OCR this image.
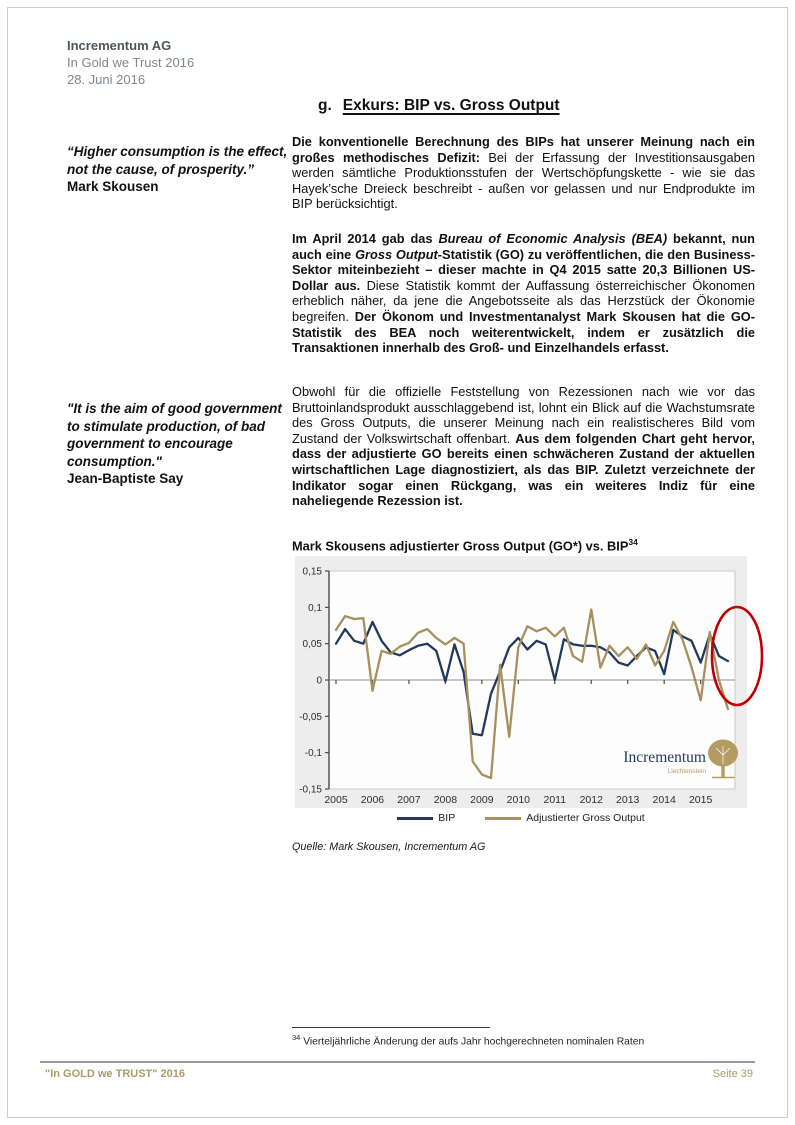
Incrementum AG
In Gold we Trust 2016
28. Juni 2016
g. Exkurs: BIP vs. Gross Output
“Higher consumption is the effect, not the cause, of prosperity.”
Mark Skousen
"It is the aim of good government to stimulate production, of bad government to encourage consumption."
Jean-Baptiste Say
Die konventionelle Berechnung des BIPs hat unserer Meinung nach ein großes methodisches Defizit: Bei der Erfassung der Investitionsausgaben werden sämtliche Produktionsstufen der Wertschöpfungskette - wie sie das Hayek’sche Dreieck beschreibt - außen vor gelassen und nur Endprodukte im BIP berücksichtigt.
Im April 2014 gab das Bureau of Economic Analysis (BEA) bekannt, nun auch eine Gross Output-Statistik (GO) zu veröffentlichen, die den Business-Sektor miteinbezieht – dieser machte in Q4 2015 satte 20,3 Billionen US-Dollar aus. Diese Statistik kommt der Auffassung österreichischer Ökonomen erheblich näher, da jene die Angebotsseite als das Herzstück der Ökonomie begreifen. Der Ökonom und Investmentanalyst Mark Skousen hat die GO-Statistik des BEA noch weiterentwickelt, indem er zusätzlich die Transaktionen innerhalb des Groß- und Einzelhandels erfasst.
Obwohl für die offizielle Feststellung von Rezessionen nach wie vor das Bruttoinlandsprodukt ausschlaggebend ist, lohnt ein Blick auf die Wachstumsrate des Gross Outputs, die unserer Meinung nach ein realistischeres Bild vom Zustand der Volkswirtschaft offenbart. Aus dem folgenden Chart geht hervor, dass der adjustierte GO bereits einen schwächeren Zustand der aktuellen wirtschaftlichen Lage diagnostiziert, als das BIP. Zuletzt verzeichnete der Indikator sogar einen Rückgang, was ein weiteres Indiz für eine naheliegende Rezession ist.
Mark Skousens adjustierter Gross Output (GO*) vs. BIP$^{34}$
0,15
0,1
0,05
0
-0,05
-0,1
-0,15
2005 2006 2007 2008 2009 2010 2011 2012 2013 2014 2015
Incrementum
Liechtenstein
BIP	Adjustierter Gross Output
Quelle: Mark Skousen, Incrementum AG
$^{34}$ Vierteljährliche Änderung der aufs Jahr hochgerechneten nominalen Raten
"In GOLD we TRUST" 2016	Seite 39
